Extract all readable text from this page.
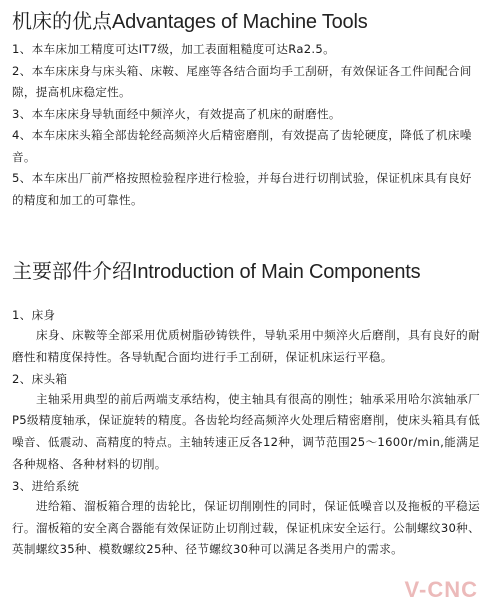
机床的优点Advantages of Machine Tools

1、本车床加工精度可达IT7级，加工表面粗糙度可达Ra2.5。

2、本车床床身与床头箱、床鞍、尾座等各结合面均手工刮研，有效保证各工件间配合间隙，提高机床稳定性。

3、本车床床身导轨面经中频淬火，有效提高了机床的耐磨性。

4、本车床床头箱全部齿轮经高频淬火后精密磨削，有效提高了齿轮硬度，降低了机床噪音。

5、本车床出厂前严格按照检验程序进行检验，并每台进行切削试验，保证机床具有良好的精度和加工的可靠性。

主要部件介绍Introduction of Main Components

1、床身

床身、床鞍等全部采用优质树脂砂铸铁件，导轨采用中频淬火后磨削，具有良好的耐磨性和精度保持性。各导轨配合面均进行手工刮研，保证机床运行平稳。

2、床头箱

主轴采用典型的前后两端支承结构，使主轴具有很高的刚性；轴承采用哈尔滨轴承厂P5级精度轴承，保证旋转的精度。各齿轮均经高频淬火处理后精密磨削，使床头箱具有低噪音、低震动、高精度的特点。主轴转速正反各12种，调节范围25～1600r/min,能满足各种规格、各种材料的切削。

3、进给系统

进给箱、溜板箱合理的齿轮比，保证切削刚性的同时，保证低噪音以及拖板的平稳运行。溜板箱的安全离合器能有效保证防止切削过载，保证机床安全运行。公制螺纹30种、英制螺纹35种、模数螺纹25种、径节螺纹30种可以满足各类用户的需求。

V-CNC
